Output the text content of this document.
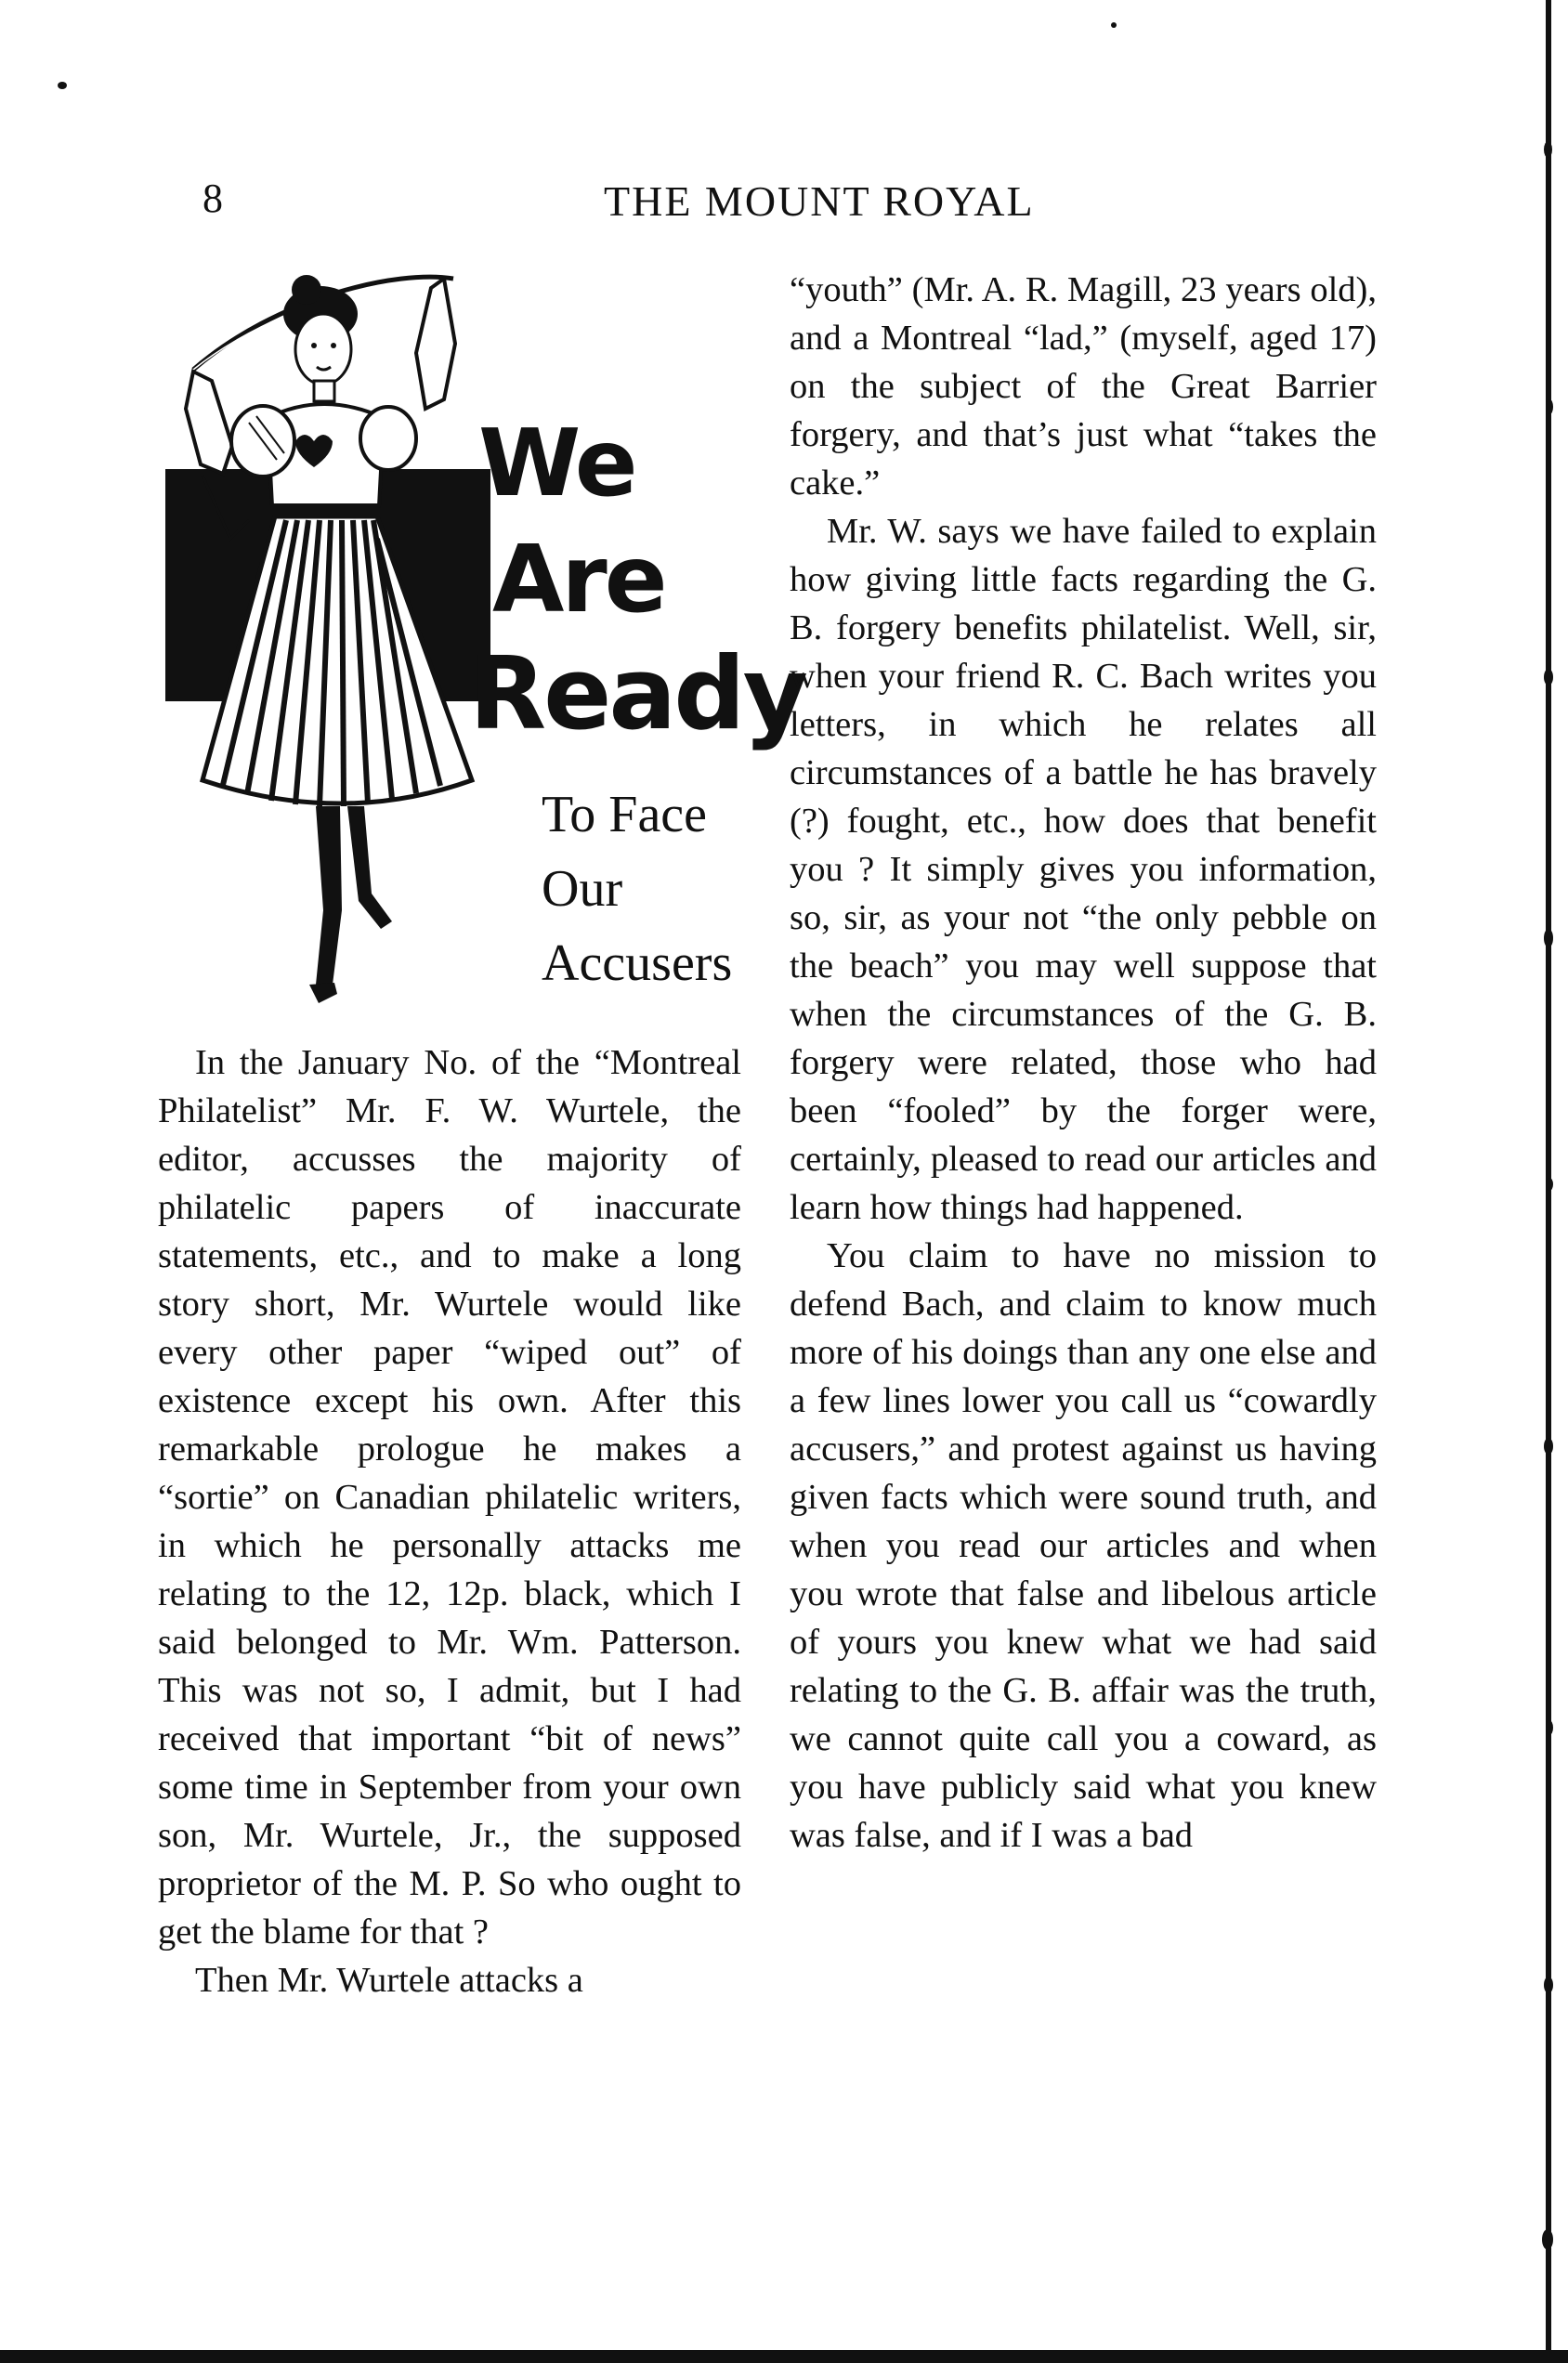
8	THE MOUNT ROYAL
We
Are
Ready
To Face
Our
Accusers

In the January No. of the “Montreal Philatelist” Mr. F. W. Wurtele, the editor, accusses the majority of philatelic papers of inaccurate statements, etc., and to make a long story short, Mr. Wurtele would like every other paper “wiped out” of existence except his own. After this remarkable prologue he makes a “sortie” on Canadian philatelic writers, in which he personally attacks me relating to the 12, 12p. black, which I said belonged to Mr. Wm. Patterson. This was not so, I admit, but I had received that important “bit of news” some time in September from your own son, Mr. Wurtele, Jr., the supposed proprietor of the M. P. So who ought to get the blame for that ?

Then Mr. Wurtele attacks a

“youth” (Mr. A. R. Magill, 23 years old), and a Montreal “lad,” (myself, aged 17) on the subject of the Great Barrier forgery, and that’s just what “takes the cake.”

Mr. W. says we have failed to explain how giving little facts regarding the G. B. forgery benefits philatelist. Well, sir, when your friend R. C. Bach writes you letters, in which he relates all circumstances of a battle he has bravely (?) fought, etc., how does that benefit you ? It simply gives you information, so, sir, as your not “the only pebble on the beach” you may well suppose that when the circumstances of the G. B. forgery were related, those who had been “fooled” by the forger were, certainly, pleased to read our articles and learn how things had happened.

You claim to have no mission to defend Bach, and claim to know much more of his doings than any one else and a few lines lower you call us “cowardly accusers,” and protest against us having given facts which were sound truth, and when you read our articles and when you wrote that false and libelous article of yours you knew what we had said relating to the G. B. affair was the truth, we cannot quite call you a coward, as you have publicly said what you knew was false, and if I was a bad
